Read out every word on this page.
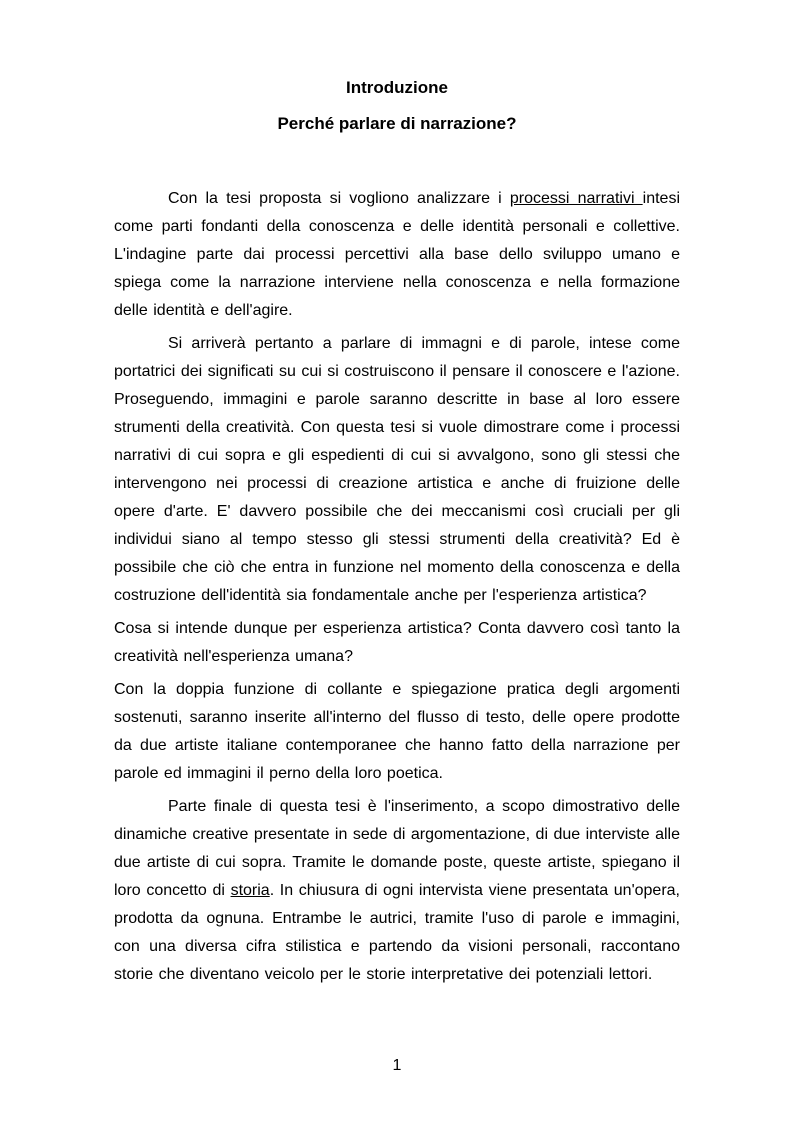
Introduzione
Perché parlare di narrazione?

Con la tesi proposta si vogliono analizzare i processi narrativi intesi come parti fondanti della conoscenza e delle identità personali e collettive. L'indagine parte dai processi percettivi alla base dello sviluppo umano e spiega come la narrazione interviene nella conoscenza e nella formazione delle identità e dell'agire.

Si arriverà pertanto a parlare di immagni e di parole, intese come portatrici dei significati su cui si costruiscono il pensare il conoscere e l'azione. Proseguendo, immagini e parole saranno descritte in base al loro essere strumenti della creatività. Con questa tesi si vuole dimostrare come i processi narrativi di cui sopra e gli espedienti di cui si avvalgono, sono gli stessi che intervengono nei processi di creazione artistica e anche di fruizione delle opere d'arte. E' davvero possibile che dei meccanismi così cruciali per gli individui siano al tempo stesso gli stessi strumenti della creatività? Ed è possibile che ciò che entra in funzione nel momento della conoscenza e della costruzione dell'identità sia fondamentale anche per l'esperienza artistica?

Cosa si intende dunque per esperienza artistica? Conta davvero così tanto la creatività nell'esperienza umana?

Con la doppia funzione di collante e spiegazione pratica degli argomenti sostenuti, saranno inserite all'interno del flusso di testo, delle opere prodotte da due artiste italiane contemporanee che hanno fatto della narrazione per parole ed immagini il perno della loro poetica.

Parte finale di questa tesi è l'inserimento, a scopo dimostrativo delle dinamiche creative presentate in sede di argomentazione, di due interviste alle due artiste di cui sopra. Tramite le domande poste, queste artiste, spiegano il loro concetto di storia. In chiusura di ogni intervista viene presentata un'opera, prodotta da ognuna. Entrambe le autrici, tramite l'uso di parole e immagini, con una diversa cifra stilistica e partendo da visioni personali, raccontano storie che diventano veicolo per le storie interpretative dei potenziali lettori.

1
